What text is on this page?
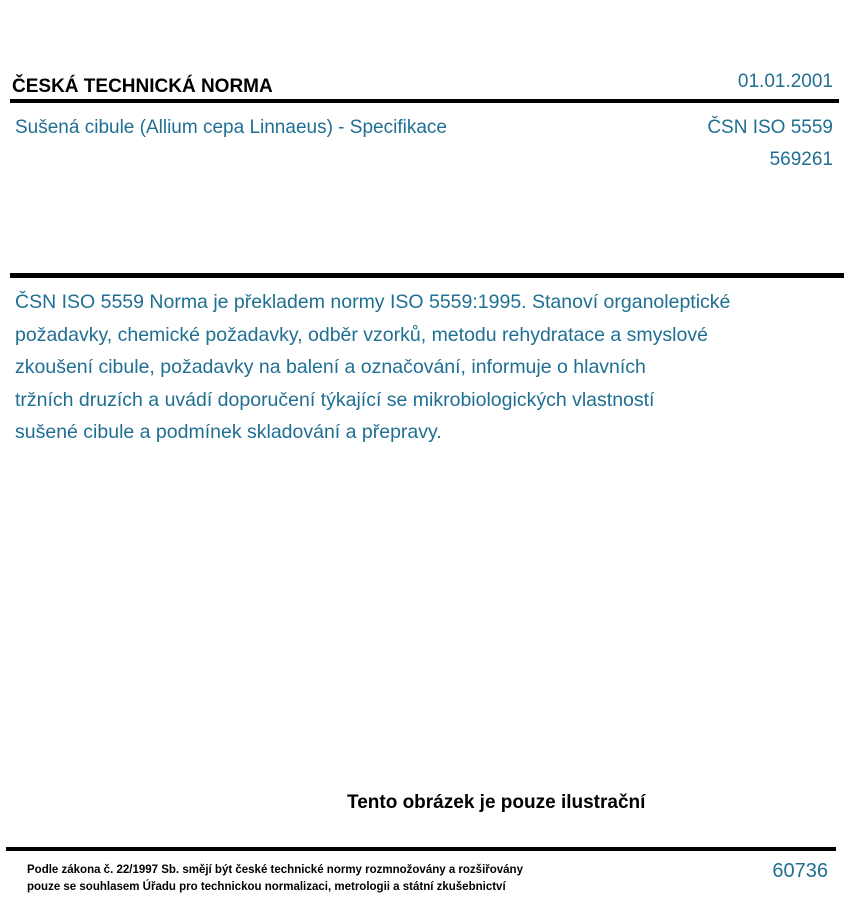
ČESKÁ TECHNICKÁ NORMA	01.01.2001
Sušená cibule (Allium cepa Linnaeus) - Specifikace	ČSN ISO 5559
569261
ČSN ISO 5559 Norma je překladem normy ISO 5559:1995. Stanoví organoleptické
požadavky, chemické požadavky, odběr vzorků, metodu rehydratace a smyslové
zkoušení cibule, požadavky na balení a označování, informuje o hlavních
tržních druzích a uvádí doporučení týkající se mikrobiologických vlastností
sušené cibule a podmínek skladování a přepravy.
Tento obrázek je pouze ilustrační
Podle zákona č. 22/1997 Sb. smějí být české technické normy rozmnožovány a rozšiřovány
pouze se souhlasem Úřadu pro technickou normalizaci, metrologii a státní zkušebnictví
60736
